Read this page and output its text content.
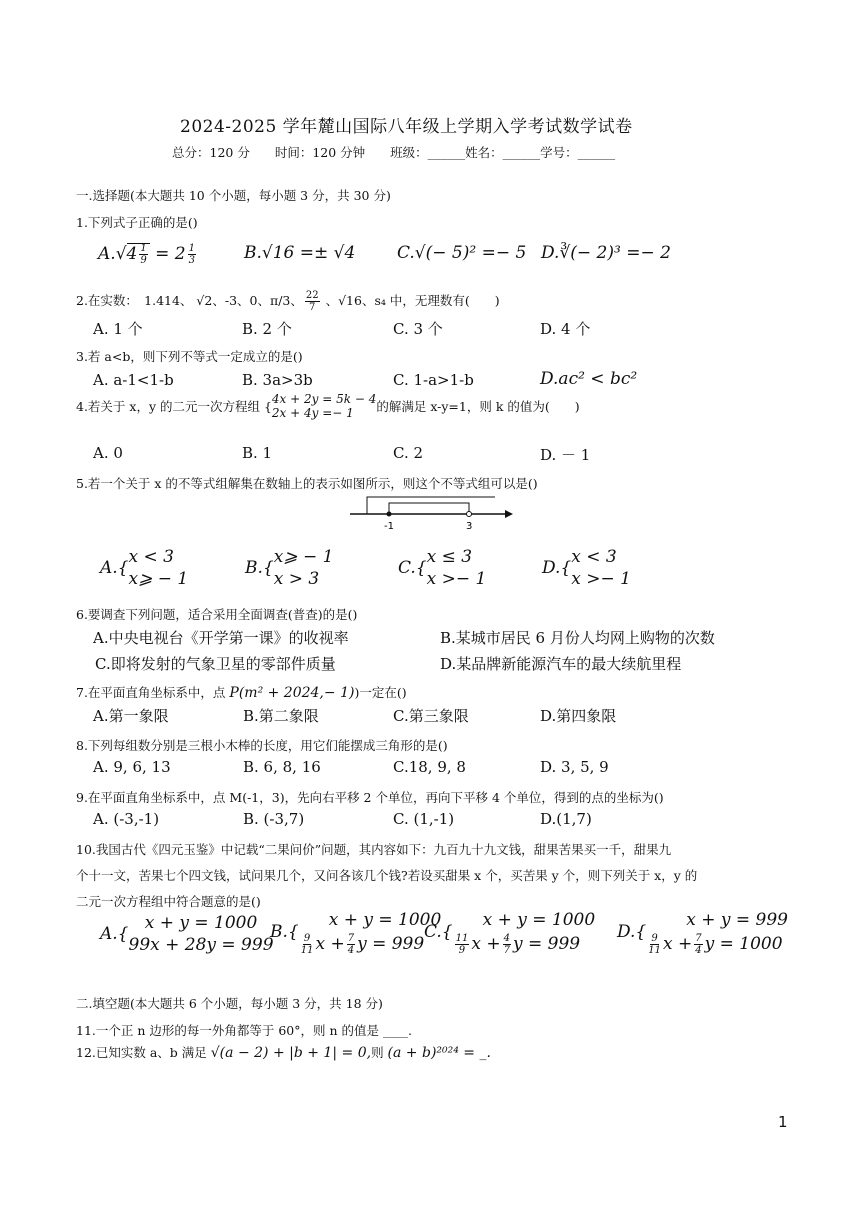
2024-2025 学年麓山国际八年级上学期入学考试数学试卷
总分：120 分　　时间：120 分钟　　班级：______姓名：______学号：______
一.选择题(本大题共 10 个小题，每小题 3 分，共 30 分)
1.下列式子正确的是()
$A.√4 \frac{1}{9} = 2 \frac{1}{3}$	B.√16 =± √4 C.√(− 5)² =− 5 D.∛(− 2)³ =− 2
2.在实数：　1.414、 √2、-3、0、π/3、 $\frac{22}{7}$ 、√16、s₄ 中，无理数有(　　)
A. 1 个	B. 2 个	C. 3 个	D. 4 个
3.若 a<b，则下列不等式一定成立的是()
A. a-1<1-b	B. 3a>3b	C. 1-a>1-b	D.ac² < bc²
4.若关于 x，y 的二元一次方程组 { 4x + 2y = 5k − 4
2x + 4y =− 1	的解满足 x-y=1，则 k 的值为(　　)
A. 0	B. 1	C. 2	D. － 1
5.若一个关于 x 的不等式组解集在数轴上的表示如图所示，则这个不等式组可以是()
-1	3
A.{
x < 3
x⩾ − 1
B.{
x⩾ − 1
x > 3
C.{
x ≤ 3
x >− 1
D.{
x < 3
x >− 1
6.要调查下列问题，适合采用全面调查(普查)的是()
A.中央电视台《开学第一课》的收视率	B.某城市居民 6 月份人均网上购物的次数
C.即将发射的气象卫星的零部件质量	D.某品牌新能源汽车的最大续航里程
7.在平面直角坐标系中，点 P(m² + 2024,− 1))一定在()
A.第一象限	B.第二象限	C.第三象限	D.第四象限
8.下列每组数分别是三根小木棒的长度，用它们能摆成三角形的是()
A. 9, 6, 13	B. 6, 8, 16	C.18, 9, 8	D. 3, 5, 9
9.在平面直角坐标系中，点 M(-1，3)，先向右平移 2 个单位，再向下平移 4 个单位，得到的点的坐标为()
A. (-3,-1)	B. (-3,7)	C. (1,-1)	D.(1,7)
10.我国古代《四元玉鉴》中记载“二果问价”问题，其内容如下：九百九十九文钱，甜果苦果买一千，甜果九
个十一文，苦果七个四文钱，试问果几个，又问各该几个钱?若设买甜果 x 个，买苦果 y 个，则下列关于 x，y 的
二元一次方程组中符合题意的是()
A.{
x + y = 1000
99x + 28y = 999
B.{
x + y = 1000
$\frac{9}{11}$ $x + \frac{7}{4}$ y = 999
C.{
x + y = 1000
$\frac{11}{9}$ $x + \frac{4}{7}$ y = 999
D.{
x + y = 999
$\frac{9}{11}$ $x + \frac{7}{4}$ y = 1000
二.填空题(本大题共 6 个小题，每小题 3 分，共 18 分)
11.一个正 n 边形的每一外角都等于 60°，则 n 的值是 ____.
12.已知实数 a、b 满足 √(a − 2) + |b + 1| = 0,则 (a + b)²⁰²⁴ = _.
1
